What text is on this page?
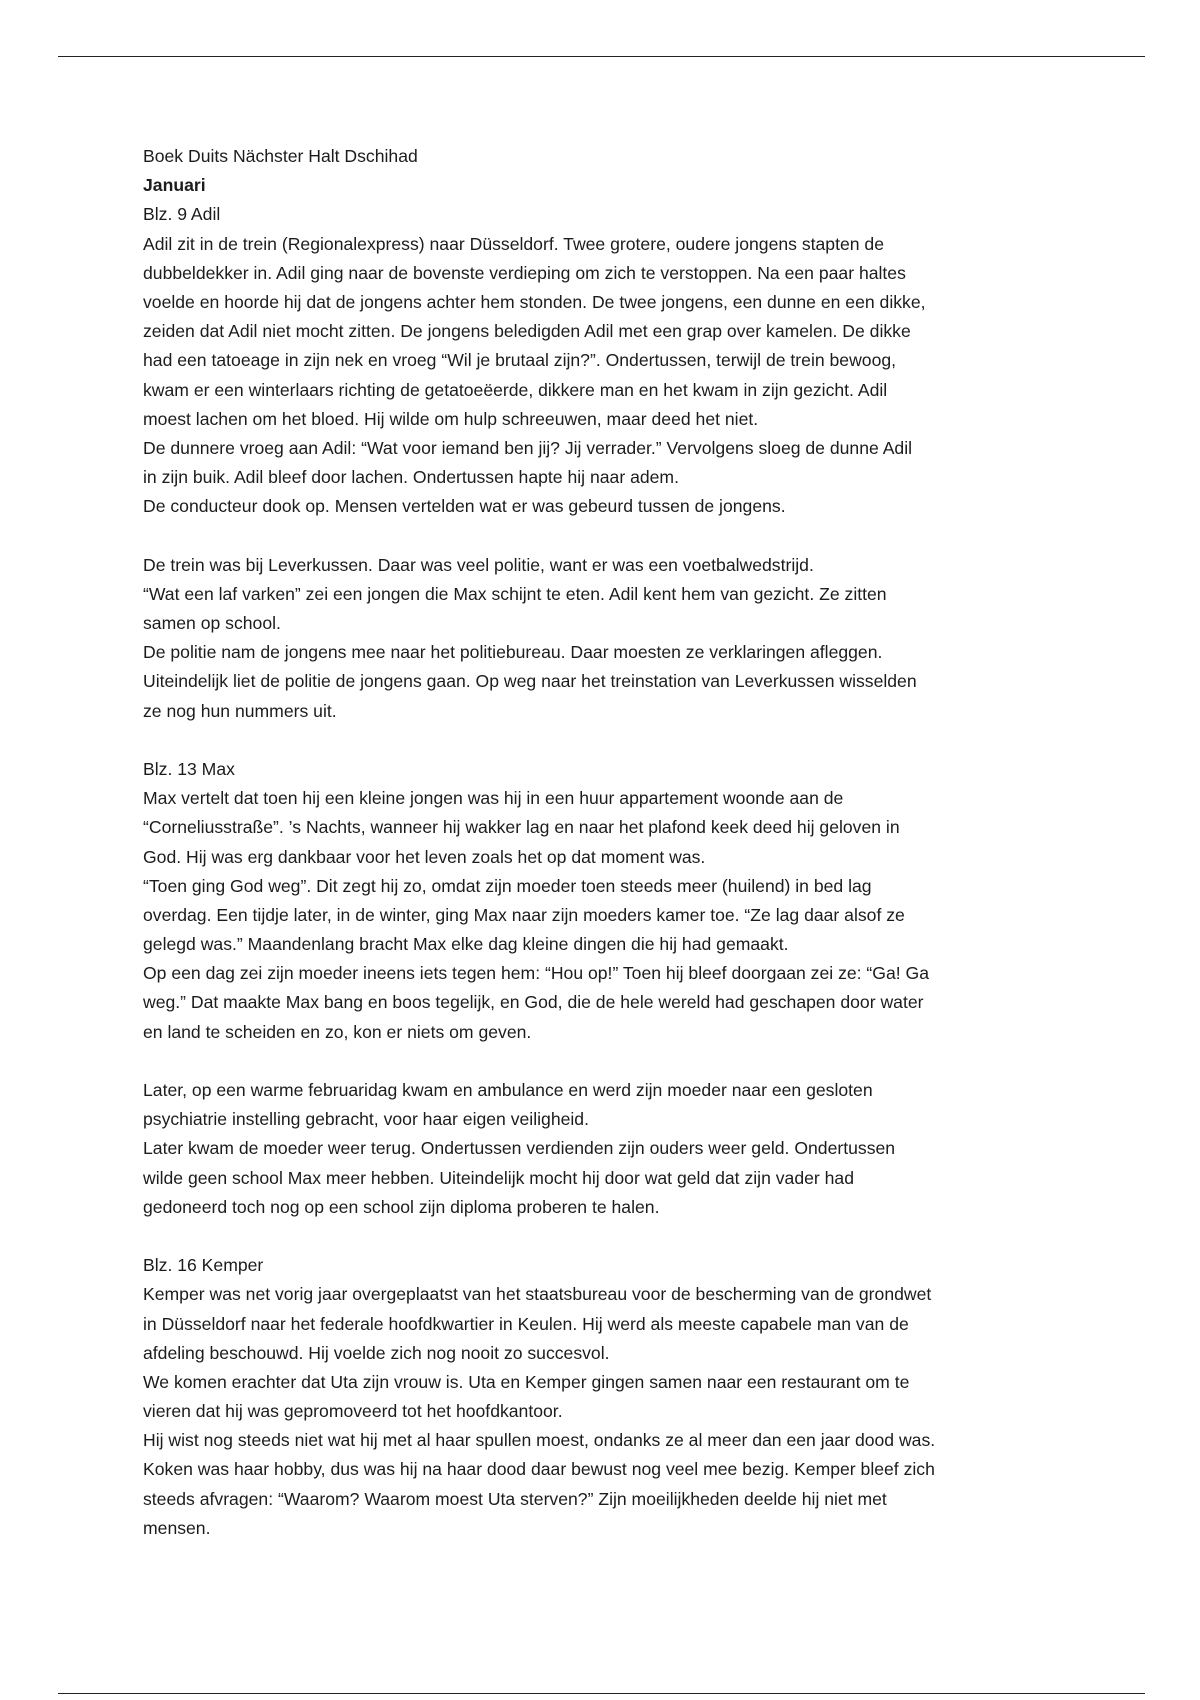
Boek Duits Nächster Halt Dschihad
Januari
Blz. 9 Adil
Adil zit in de trein (Regionalexpress) naar Düsseldorf. Twee grotere, oudere jongens stapten de
dubbeldekker in. Adil ging naar de bovenste verdieping om zich te verstoppen. Na een paar haltes
voelde en hoorde hij dat de jongens achter hem stonden. De twee jongens, een dunne en een dikke,
zeiden dat Adil niet mocht zitten. De jongens beledigden Adil met een grap over kamelen. De dikke
had een tatoeage in zijn nek en vroeg “Wil je brutaal zijn?”. Ondertussen, terwijl de trein bewoog,
kwam er een winterlaars richting de getatoeëerde, dikkere man en het kwam in zijn gezicht. Adil
moest lachen om het bloed. Hij wilde om hulp schreeuwen, maar deed het niet.
De dunnere vroeg aan Adil: “Wat voor iemand ben jij? Jij verrader.” Vervolgens sloeg de dunne Adil
in zijn buik. Adil bleef door lachen. Ondertussen hapte hij naar adem.
De conducteur dook op. Mensen vertelden wat er was gebeurd tussen de jongens.
De trein was bij Leverkussen. Daar was veel politie, want er was een voetbalwedstrijd.
“Wat een laf varken” zei een jongen die Max schijnt te eten. Adil kent hem van gezicht. Ze zitten
samen op school.
De politie nam de jongens mee naar het politiebureau. Daar moesten ze verklaringen afleggen.
Uiteindelijk liet de politie de jongens gaan. Op weg naar het treinstation van Leverkussen wisselden
ze nog hun nummers uit.
Blz. 13 Max
Max vertelt dat toen hij een kleine jongen was hij in een huur appartement woonde aan de
“Corneliusstraße”. ’s Nachts, wanneer hij wakker lag en naar het plafond keek deed hij geloven in
God. Hij was erg dankbaar voor het leven zoals het op dat moment was.
“Toen ging God weg”. Dit zegt hij zo, omdat zijn moeder toen steeds meer (huilend) in bed lag
overdag. Een tijdje later, in de winter, ging Max naar zijn moeders kamer toe. “Ze lag daar alsof ze
gelegd was.” Maandenlang bracht Max elke dag kleine dingen die hij had gemaakt.
Op een dag zei zijn moeder ineens iets tegen hem: “Hou op!” Toen hij bleef doorgaan zei ze: “Ga! Ga
weg.” Dat maakte Max bang en boos tegelijk, en God, die de hele wereld had geschapen door water
en land te scheiden en zo, kon er niets om geven.
Later, op een warme februaridag kwam en ambulance en werd zijn moeder naar een gesloten
psychiatrie instelling gebracht, voor haar eigen veiligheid.
Later kwam de moeder weer terug. Ondertussen verdienden zijn ouders weer geld. Ondertussen
wilde geen school Max meer hebben. Uiteindelijk mocht hij door wat geld dat zijn vader had
gedoneerd toch nog op een school zijn diploma proberen te halen.
Blz. 16 Kemper
Kemper was net vorig jaar overgeplaatst van het staatsbureau voor de bescherming van de grondwet
in Düsseldorf naar het federale hoofdkwartier in Keulen. Hij werd als meeste capabele man van de
afdeling beschouwd. Hij voelde zich nog nooit zo succesvol.
We komen erachter dat Uta zijn vrouw is. Uta en Kemper gingen samen naar een restaurant om te
vieren dat hij was gepromoveerd tot het hoofdkantoor.
Hij wist nog steeds niet wat hij met al haar spullen moest, ondanks ze al meer dan een jaar dood was.
Koken was haar hobby, dus was hij na haar dood daar bewust nog veel mee bezig. Kemper bleef zich
steeds afvragen: “Waarom? Waarom moest Uta sterven?” Zijn moeilijkheden deelde hij niet met
mensen.
